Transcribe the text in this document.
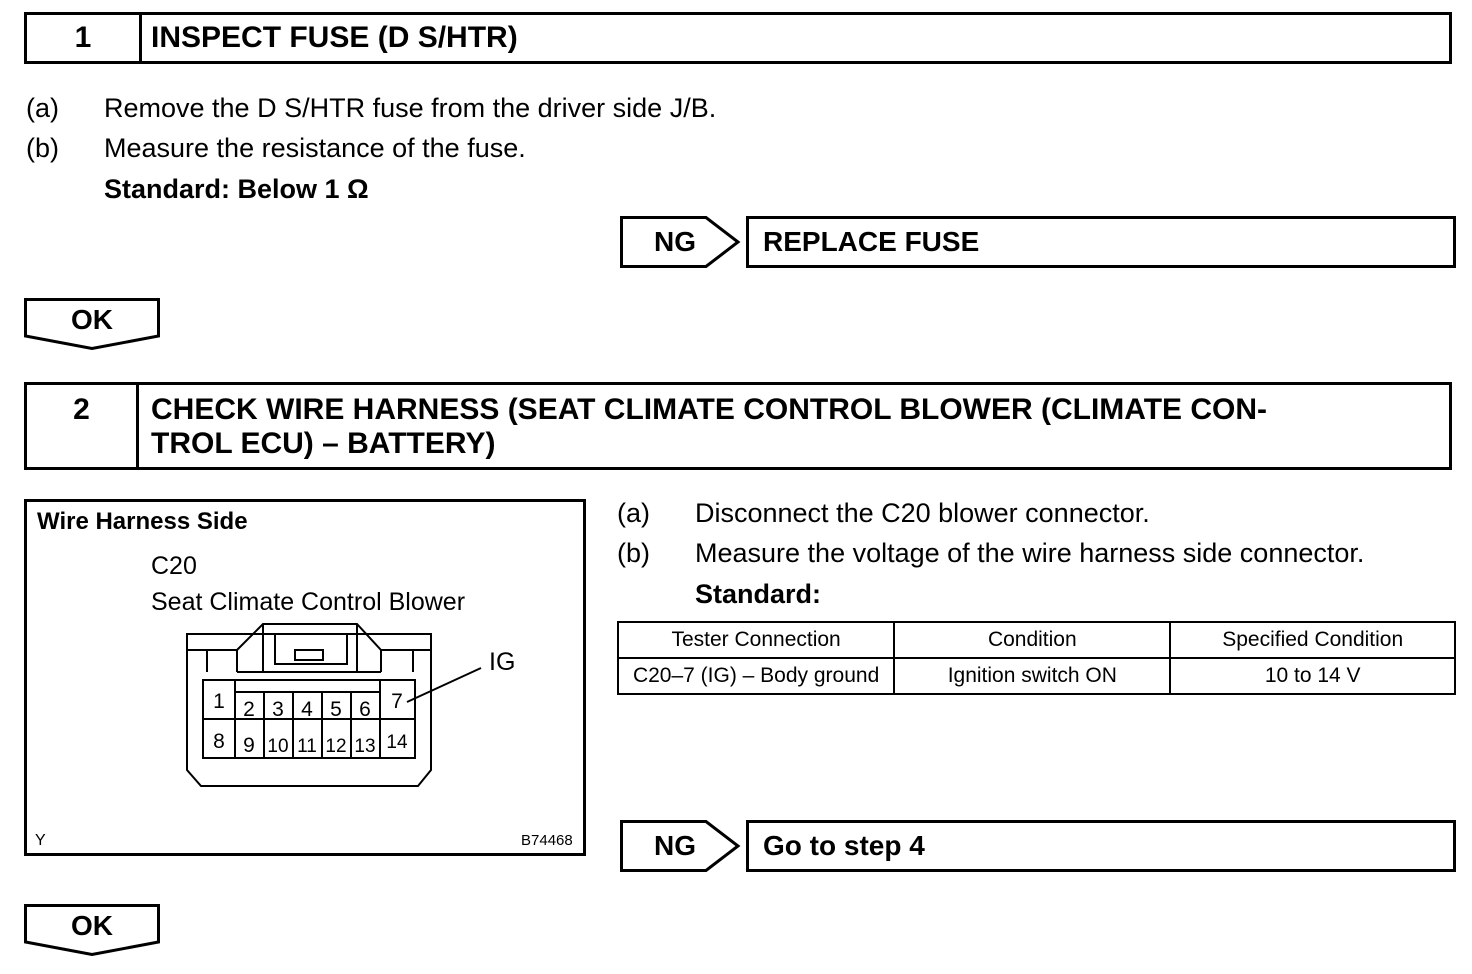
1	INSPECT FUSE (D S/HTR)
(a) Remove the D S/HTR fuse from the driver side J/B.
(b) Measure the resistance of the fuse.
Standard: Below 1 Ω
NG	REPLACE FUSE
OK
2 CHECK WIRE HARNESS (SEAT CLIMATE CONTROL BLOWER (CLIMATE CON-
TROL ECU) – BATTERY)
Wire Harness Side
C20
Seat Climate Control Blower
IG
Y	B74468
1 2 3 4 5 6 7
8 9 10 11 12 13 14
(a) Disconnect the C20 blower connector.
(b) Measure the voltage of the wire harness side connector.
Standard:
Tester Connection	Condition	Specified Condition
C20–7 (IG) – Body ground	Ignition switch ON	10 to 14 V
NG	Go to step 4
OK
